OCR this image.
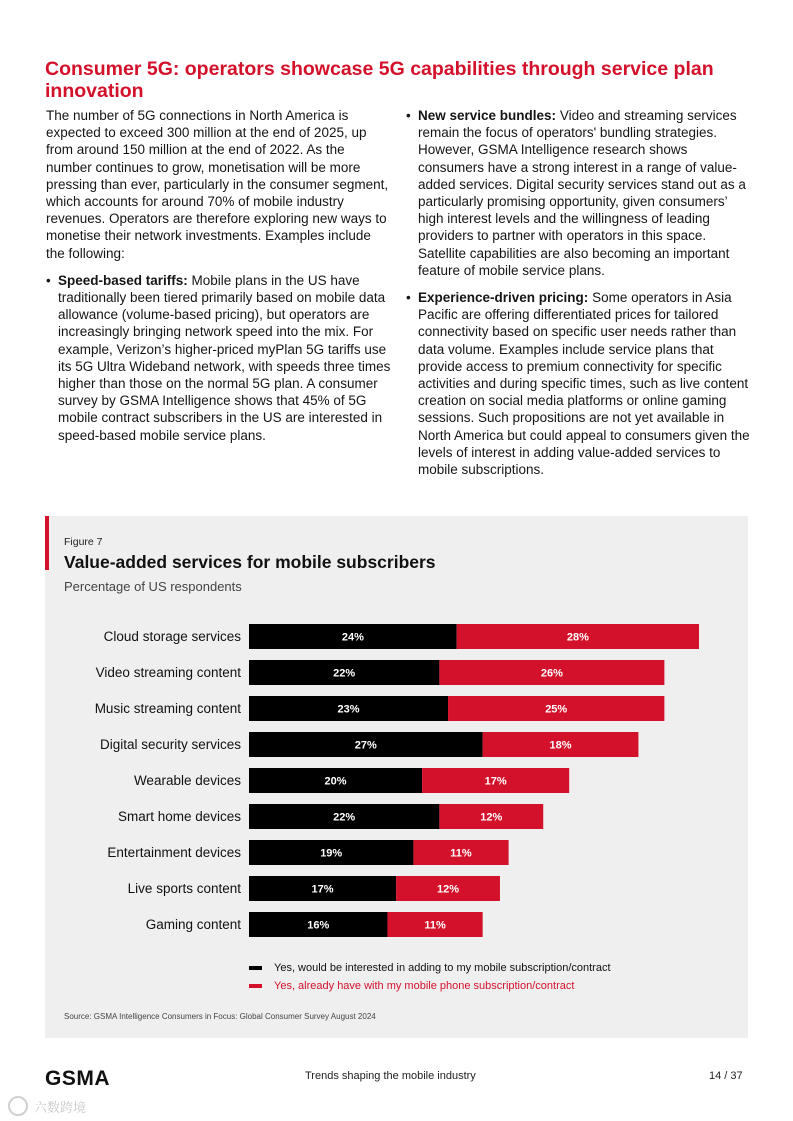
Consumer 5G: operators showcase 5G capabilities through service plan innovation

The number of 5G connections in North America is expected to exceed 300 million at the end of 2025, up from around 150 million at the end of 2022. As the number continues to grow, monetisation will be more pressing than ever, particularly in the consumer segment, which accounts for around 70% of mobile industry revenues. Operators are therefore exploring new ways to monetise their network investments. Examples include the following:

• Speed-based tariffs: Mobile plans in the US have traditionally been tiered primarily based on mobile data allowance (volume-based pricing), but operators are increasingly bringing network speed into the mix. For example, Verizon’s higher-priced myPlan 5G tariffs use its 5G Ultra Wideband network, with speeds three times higher than those on the normal 5G plan. A consumer survey by GSMA Intelligence shows that 45% of 5G mobile contract subscribers in the US are interested in speed-based mobile service plans.
• New service bundles: Video and streaming services remain the focus of operators' bundling strategies. However, GSMA Intelligence research shows consumers have a strong interest in a range of value-added services. Digital security services stand out as a particularly promising opportunity, given consumers’ high interest levels and the willingness of leading providers to partner with operators in this space. Satellite capabilities are also becoming an important feature of mobile service plans.
• Experience-driven pricing: Some operators in Asia Pacific are offering differentiated prices for tailored connectivity based on specific user needs rather than data volume. Examples include service plans that provide access to premium connectivity for specific activities and during specific times, such as live content creation on social media platforms or online gaming sessions. Such propositions are not yet available in North America but could appeal to consumers given the levels of interest in adding value-added services to mobile subscriptions.
Figure 7
Value-added services for mobile subscribers
Percentage of US respondents
Cloud storage services	24%	28%
Video streaming content	22%	26%
Music streaming content	23%	25%
Digital security services	27%	18%
Wearable devices	20%	17%
Smart home devices	22%	12%
Entertainment devices	19%	11%
Live sports content	17%	12%
Gaming content	16%	11%
Yes, would be interested in adding to my mobile subscription/contract
Yes, already have with my mobile phone subscription/contract
Source: GSMA Intelligence Consumers in Focus: Global Consumer Survey August 2024
GSMA	Trends shaping the mobile industry	14 / 37
六数跨境
